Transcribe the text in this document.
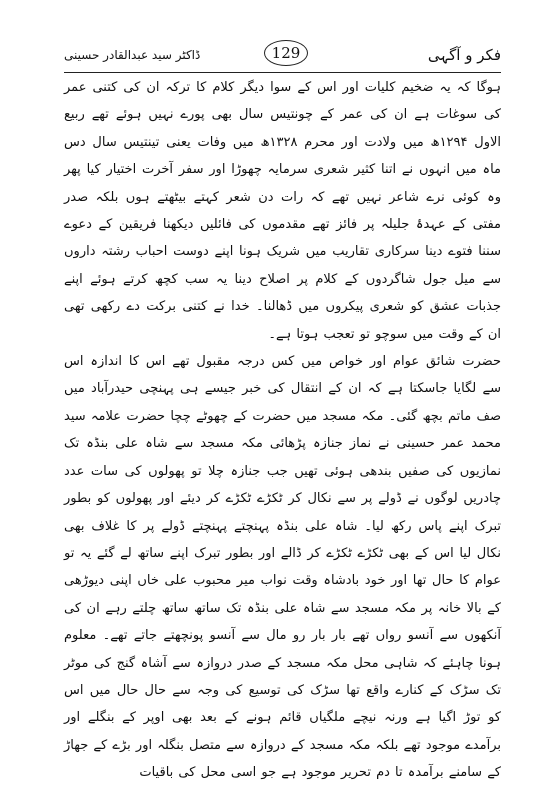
فکر و آگہی
129
ڈاکٹر سید عبدالقادر حسینی

ہوگا کہ یہ ضخیم کلیات اور اس کے سوا دیگر کلام کا ترکہ ان کی کتنی عمر کی سوغات ہے ان کی عمر کے چونتیس سال بھی پورے نہیں ہوئے تھے ربیع الاول ۱۲۹۴ھ میں ولادت اور محرم ۱۳۲۸ھ میں وفات یعنی تینتیس سال دس ماہ میں انہوں نے اتنا کثیر شعری سرمایہ چھوڑا اور سفر آخرت اختیار کیا پھر وہ کوئی نرے شاعر نہیں تھے کہ رات دن شعر کہتے بیٹھتے ہوں بلکہ صدر مفتی کے عہدۂ جلیلہ پر فائز تھے مقدموں کی فائلیں دیکھنا فریقین کے دعوے سننا فتوے دینا سرکاری تقاریب میں شریک ہونا اپنے دوست احباب رشتہ داروں سے میل جول شاگردوں کے کلام پر اصلاح دینا یہ سب کچھ کرتے ہوئے اپنے جذبات عشق کو شعری پیکروں میں ڈھالنا۔ خدا نے کتنی برکت دے رکھی تھی ان کے وقت میں سوچو تو تعجب ہوتا ہے۔

حضرت شائق عوام اور خواص میں کس درجہ مقبول تھے اس کا اندازہ اس سے لگایا جاسکتا ہے کہ ان کے انتقال کی خبر جیسے ہی پہنچی حیدرآباد میں صف ماتم بچھ گئی۔ مکہ مسجد میں حضرت کے چھوٹے چچا حضرت علامہ سید محمد عمر حسینی نے نماز جنازہ پڑھائی مکہ مسجد سے شاہ علی بنڈہ تک نمازیوں کی صفیں بندھی ہوئی تھیں جب جنازہ چلا تو پھولوں کی سات عدد چادریں لوگوں نے ڈولے پر سے نکال کر ٹکڑے ٹکڑے کر دیئے اور پھولوں کو بطور تبرک اپنے پاس رکھ لیا۔ شاہ علی بنڈہ پہنچتے پہنچتے ڈولے پر کا غلاف بھی نکال لیا اس کے بھی ٹکڑے ٹکڑے کر ڈالے اور بطور تبرک اپنے ساتھ لے گئے یہ تو عوام کا حال تھا اور خود بادشاہ وقت نواب میر محبوب علی خاں اپنی دیوڑھی کے بالا خانہ پر مکہ مسجد سے شاہ علی بنڈہ تک ساتھ ساتھ چلتے رہے ان کی آنکھوں سے آنسو رواں تھے بار بار رو مال سے آنسو پونچھتے جاتے تھے۔ معلوم ہونا چاہئے کہ شاہی محل مکہ مسجد کے صدر دروازہ سے آشاہ گنج کی موٹر تک سڑک کے کنارے واقع تھا سڑک کی توسیع کی وجہ سے حال حال میں اس کو توڑ اگیا ہے ورنہ نیچے ملگیاں قائم ہونے کے بعد بھی اوپر کے بنگلے اور برآمدے موجود تھے بلکہ مکہ مسجد کے دروازہ سے متصل بنگلہ اور بڑے کے جھاڑ کے سامنے برآمدہ تا دم تحریر موجود ہے جو اسی محل کی باقیات
